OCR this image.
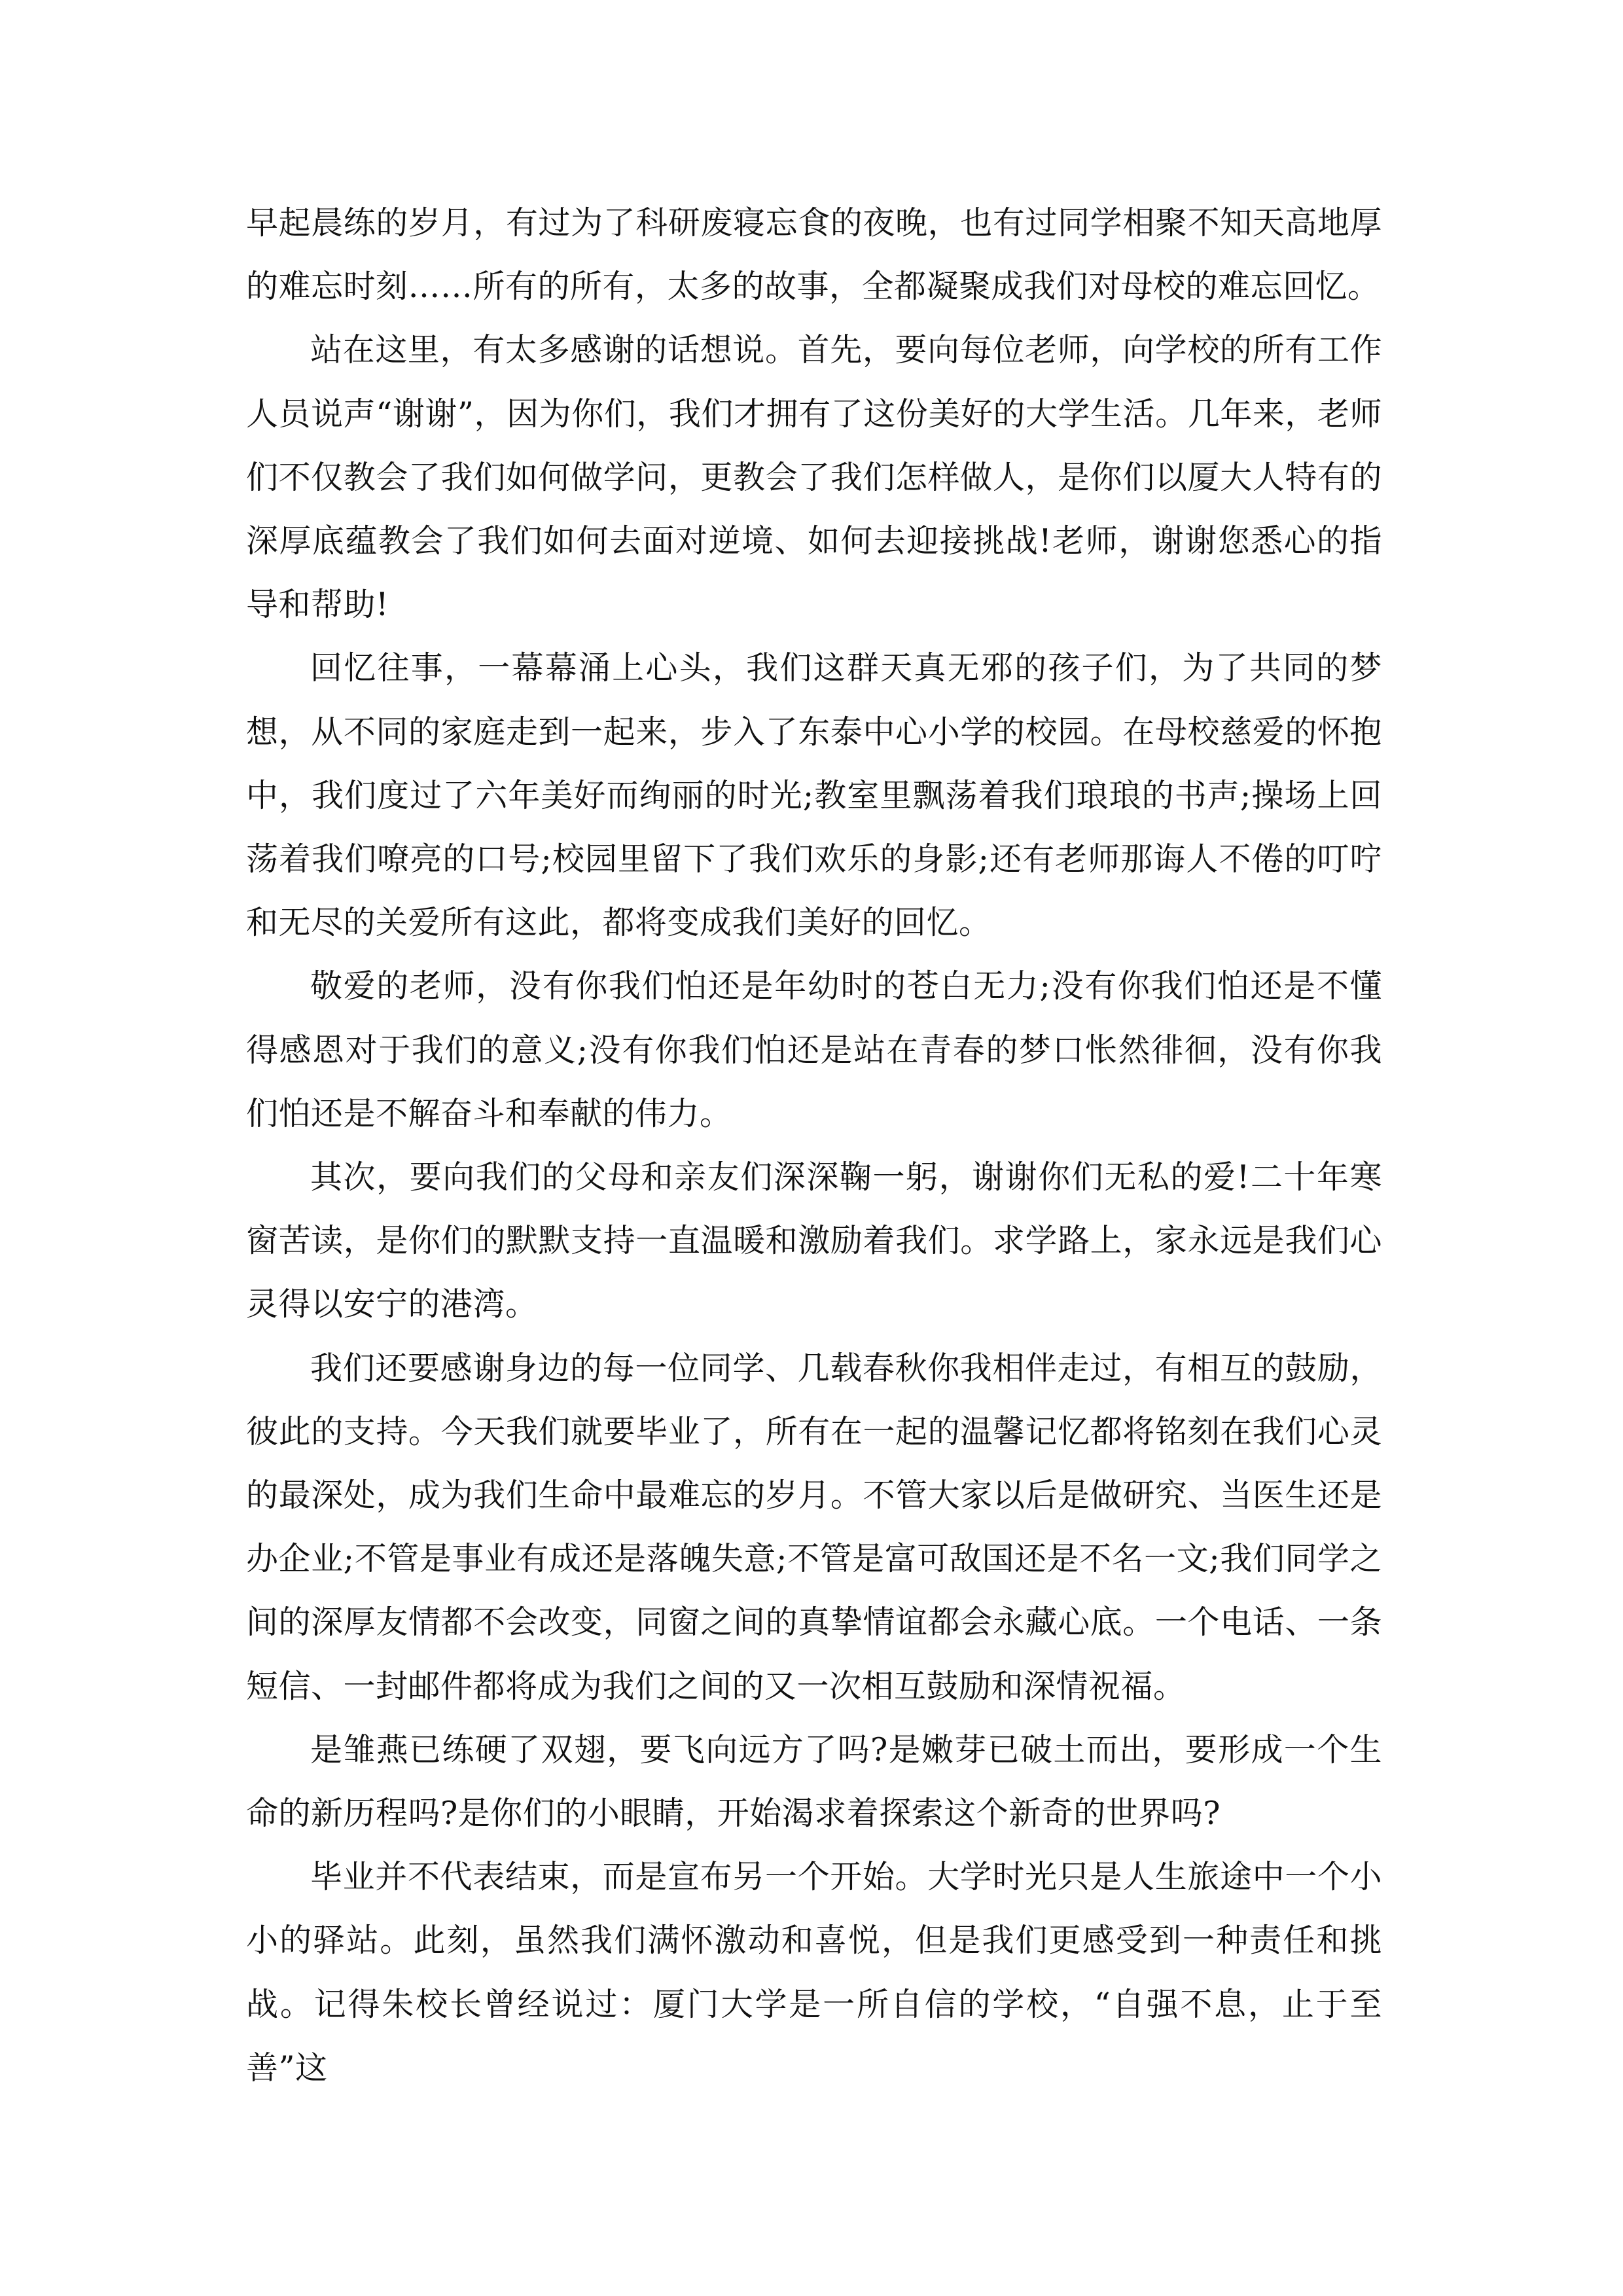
早起晨练的岁月，有过为了科研废寝忘食的夜晚，也有过同学相聚不知天高地厚的难忘时刻……所有的所有，太多的故事，全都凝聚成我们对母校的难忘回忆。

站在这里，有太多感谢的话想说。首先，要向每位老师，向学校的所有工作人员说声“谢谢”，因为你们，我们才拥有了这份美好的大学生活。几年来，老师们不仅教会了我们如何做学问，更教会了我们怎样做人，是你们以厦大人特有的深厚底蕴教会了我们如何去面对逆境、如何去迎接挑战!老师，谢谢您悉心的指导和帮助!

回忆往事，一幕幕涌上心头，我们这群天真无邪的孩子们，为了共同的梦想，从不同的家庭走到一起来，步入了东泰中心小学的校园。在母校慈爱的怀抱中，我们度过了六年美好而绚丽的时光;教室里飘荡着我们琅琅的书声;操场上回荡着我们嘹亮的口号;校园里留下了我们欢乐的身影;还有老师那诲人不倦的叮咛和无尽的关爱所有这此，都将变成我们美好的回忆。

敬爱的老师，没有你我们怕还是年幼时的苍白无力;没有你我们怕还是不懂得感恩对于我们的意义;没有你我们怕还是站在青春的梦口怅然徘徊，没有你我们怕还是不解奋斗和奉献的伟力。

其次，要向我们的父母和亲友们深深鞠一躬，谢谢你们无私的爱!二十年寒窗苦读，是你们的默默支持一直温暖和激励着我们。求学路上，家永远是我们心灵得以安宁的港湾。

我们还要感谢身边的每一位同学、几载春秋你我相伴走过，有相互的鼓励，彼此的支持。今天我们就要毕业了，所有在一起的温馨记忆都将铭刻在我们心灵的最深处，成为我们生命中最难忘的岁月。不管大家以后是做研究、当医生还是办企业;不管是事业有成还是落魄失意;不管是富可敌国还是不名一文;我们同学之间的深厚友情都不会改变，同窗之间的真挚情谊都会永藏心底。一个电话、一条短信、一封邮件都将成为我们之间的又一次相互鼓励和深情祝福。

是雏燕已练硬了双翅，要飞向远方了吗?是嫩芽已破土而出，要形成一个生命的新历程吗?是你们的小眼睛，开始渴求着探索这个新奇的世界吗?

毕业并不代表结束，而是宣布另一个开始。大学时光只是人生旅途中一个小小的驿站。此刻，虽然我们满怀激动和喜悦，但是我们更感受到一种责任和挑战。记得朱校长曾经说过：厦门大学是一所自信的学校，“自强不息，止于至善”这
